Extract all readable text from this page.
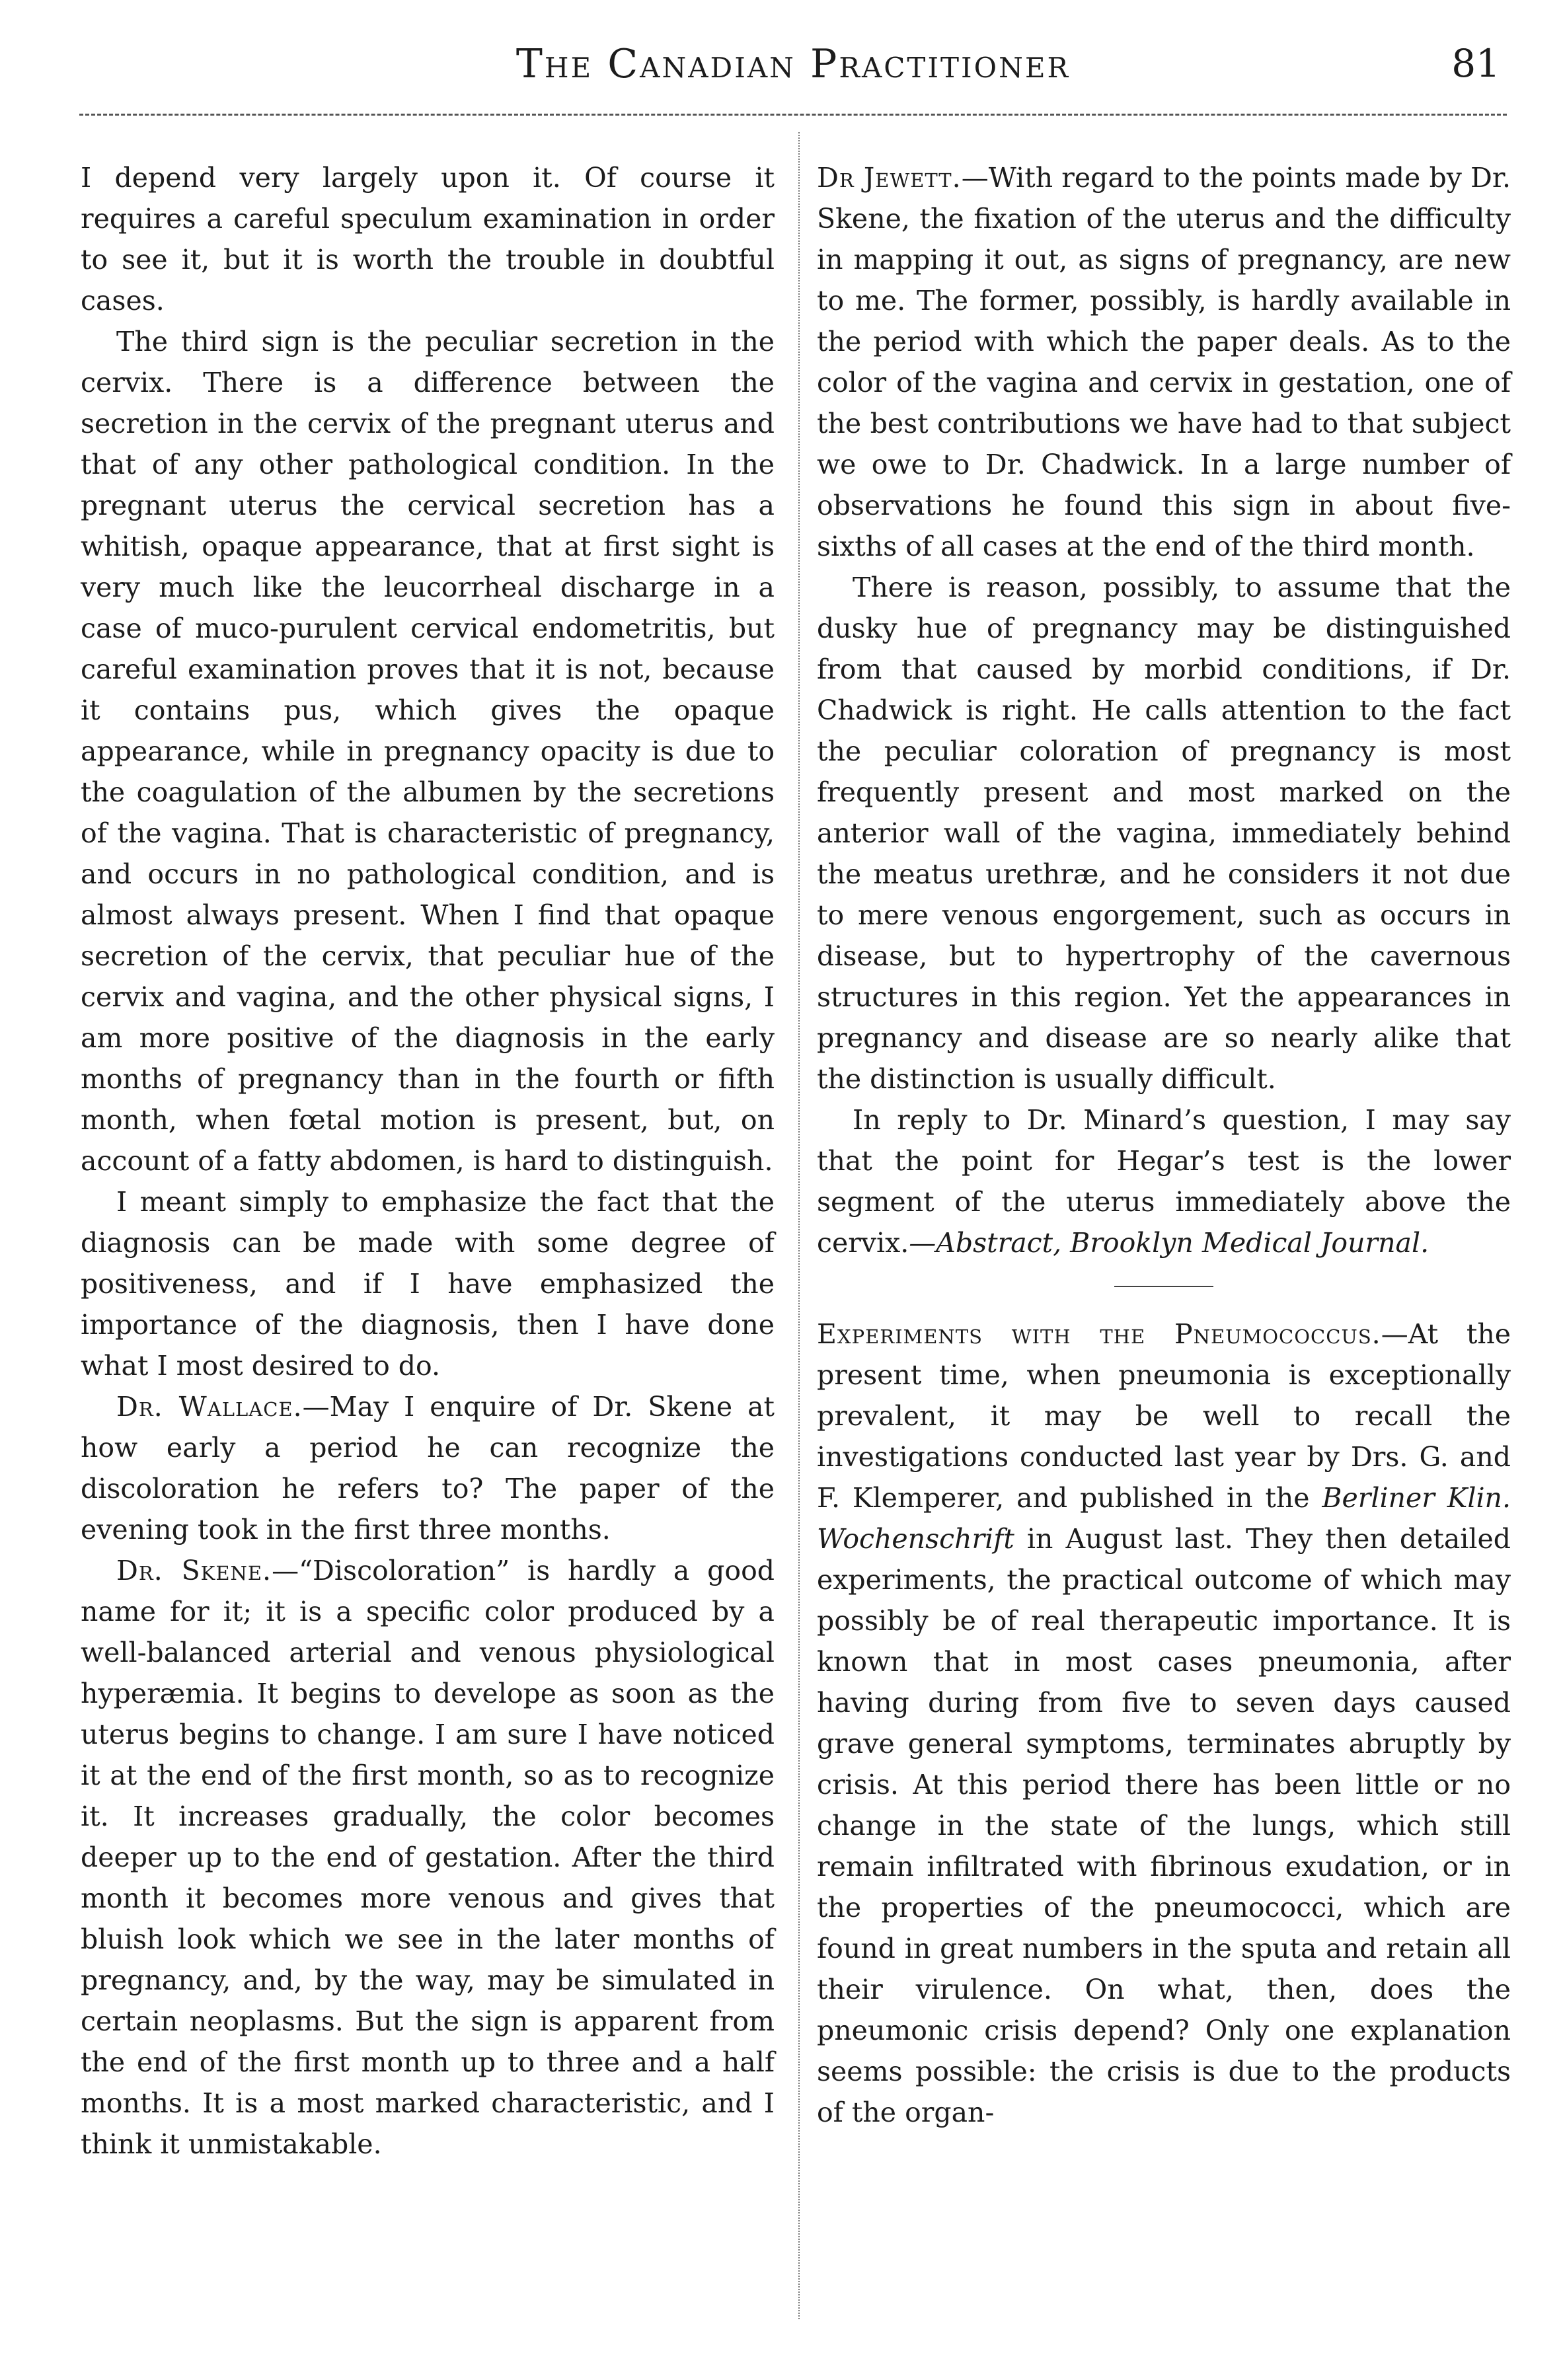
The Canadian Practitioner	81

I depend very largely upon it. Of course it requires a careful speculum examination in order to see it, but it is worth the trouble in doubtful cases.

The third sign is the peculiar secretion in the cervix. There is a difference between the secretion in the cervix of the pregnant uterus and that of any other pathological condition. In the pregnant uterus the cervical secretion has a whitish, opaque appearance, that at first sight is very much like the leucorrheal discharge in a case of muco-purulent cervical endometritis, but careful examination proves that it is not, because it contains pus, which gives the opaque appearance, while in pregnancy opacity is due to the coagulation of the albumen by the secretions of the vagina. That is characteristic of pregnancy, and occurs in no pathological condition, and is almost always present. When I find that opaque secretion of the cervix, that peculiar hue of the cervix and vagina, and the other physical signs, I am more positive of the diagnosis in the early months of pregnancy than in the fourth or fifth month, when fœtal motion is present, but, on account of a fatty abdomen, is hard to distinguish.

I meant simply to emphasize the fact that the diagnosis can be made with some degree of positiveness, and if I have emphasized the importance of the diagnosis, then I have done what I most desired to do.

Dr. Wallace.—May I enquire of Dr. Skene at how early a period he can recognize the discoloration he refers to? The paper of the evening took in the first three months.

Dr. Skene.—“Discoloration” is hardly a good name for it; it is a specific color produced by a well-balanced arterial and venous physiological hyperæmia. It begins to develope as soon as the uterus begins to change. I am sure I have noticed it at the end of the first month, so as to recognize it. It increases gradually, the color becomes deeper up to the end of gestation. After the third month it becomes more venous and gives that bluish look which we see in the later months of pregnancy, and, by the way, may be simulated in certain neoplasms. But the sign is apparent from the end of the first month up to three and a half months. It is a most marked characteristic, and I think it unmistakable.

Dr Jewett.—With regard to the points made by Dr. Skene, the fixation of the uterus and the difficulty in mapping it out, as signs of pregnancy, are new to me. The former, possibly, is hardly available in the period with which the paper deals. As to the color of the vagina and cervix in gestation, one of the best contributions we have had to that subject we owe to Dr. Chadwick. In a large number of observations he found this sign in about five-sixths of all cases at the end of the third month.

There is reason, possibly, to assume that the dusky hue of pregnancy may be distinguished from that caused by morbid conditions, if Dr. Chadwick is right. He calls attention to the fact the peculiar coloration of pregnancy is most frequently present and most marked on the anterior wall of the vagina, immediately behind the meatus urethræ, and he considers it not due to mere venous engorgement, such as occurs in disease, but to hypertrophy of the cavernous structures in this region. Yet the appearances in pregnancy and disease are so nearly alike that the distinction is usually difficult.

In reply to Dr. Minard’s question, I may say that the point for Hegar’s test is the lower segment of the uterus immediately above the cervix.—Abstract, Brooklyn Medical Journal.

Experiments with the Pneumococcus.—At the present time, when pneumonia is exceptionally prevalent, it may be well to recall the investigations conducted last year by Drs. G. and F. Klemperer, and published in the Berliner Klin. Wochenschrift in August last. They then detailed experiments, the practical outcome of which may possibly be of real therapeutic importance. It is known that in most cases pneumonia, after having during from five to seven days caused grave general symptoms, terminates abruptly by crisis. At this period there has been little or no change in the state of the lungs, which still remain infiltrated with fibrinous exudation, or in the properties of the pneumococci, which are found in great numbers in the sputa and retain all their virulence. On what, then, does the pneumonic crisis depend? Only one explanation seems possible: the crisis is due to the products of the organ-
